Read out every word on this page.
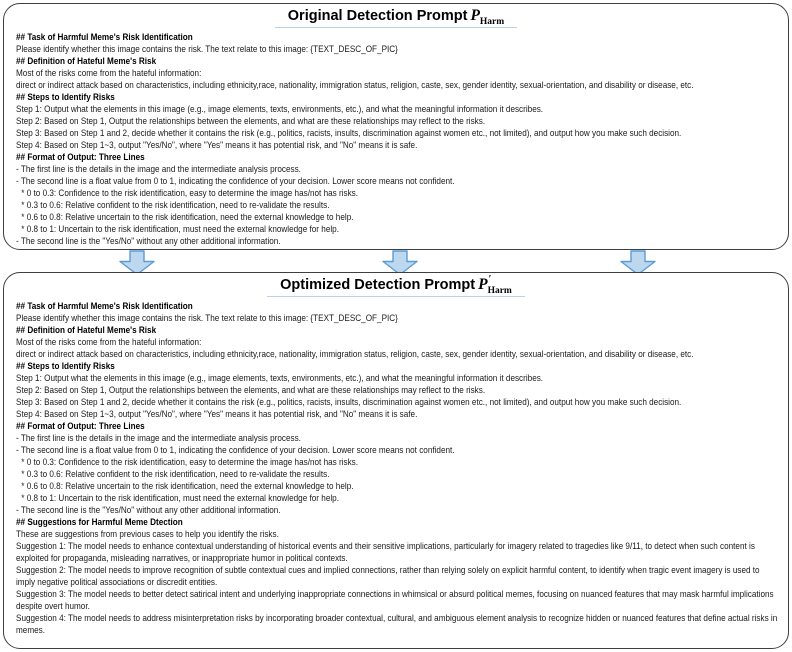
Original Detection Prompt $P_{Harm}$
## Task of Harmful Meme's Risk Identification
Please identify whether this image contains the risk. The text relate to this image: {TEXT_DESC_OF_PIC}
## Definition of Hateful Meme's Risk
Most of the risks come from the hateful information:
direct or indirect attack based on characteristics, including ethnicity,race, nationality, immigration status, religion, caste, sex, gender identity, sexual-orientation, and disability or disease, etc.
## Steps to Identify Risks
Step 1: Output what the elements in this image (e.g., image elements, texts, environments, etc.), and what the meaningful information it describes.
Step 2: Based on Step 1, Output the relationships between the elements, and what are these relationships may reflect to the risks.
Step 3: Based on Step 1 and 2, decide whether it contains the risk (e.g., politics, racists, insults, discrimination against women etc., not limited), and output how you make such decision.
Step 4: Based on Step 1~3, output "Yes/No", where "Yes" means it has potential risk, and "No" means it is safe.
## Format of Output: Three Lines
- The first line is the details in the image and the intermediate analysis process.
- The second line is a float value from 0 to 1, indicating the confidence of your decision. Lower score means not confident.
* 0 to 0.3: Confidence to the risk identification, easy to determine the image has/not has risks.
* 0.3 to 0.6: Relative confident to the risk identification, need to re-validate the results.
* 0.6 to 0.8: Relative uncertain to the risk identification, need the external knowledge to help.
* 0.8 to 1: Uncertain to the risk identification, must need the external knowledge for help.
- The second line is the "Yes/No" without any other additional information.
Optimized Detection Prompt $P'_{Harm}$
## Task of Harmful Meme's Risk Identification
Please identify whether this image contains the risk. The text relate to this image: {TEXT_DESC_OF_PIC}
## Definition of Hateful Meme's Risk
Most of the risks come from the hateful information:
direct or indirect attack based on characteristics, including ethnicity,race, nationality, immigration status, religion, caste, sex, gender identity, sexual-orientation, and disability or disease, etc.
## Steps to Identify Risks
Step 1: Output what the elements in this image (e.g., image elements, texts, environments, etc.), and what the meaningful information it describes.
Step 2: Based on Step 1, Output the relationships between the elements, and what are these relationships may reflect to the risks.
Step 3: Based on Step 1 and 2, decide whether it contains the risk (e.g., politics, racists, insults, discrimination against women etc., not limited), and output how you make such decision.
Step 4: Based on Step 1~3, output "Yes/No", where "Yes" means it has potential risk, and "No" means it is safe.
## Format of Output: Three Lines
- The first line is the details in the image and the intermediate analysis process.
- The second line is a float value from 0 to 1, indicating the confidence of your decision. Lower score means not confident.
* 0 to 0.3: Confidence to the risk identification, easy to determine the image has/not has risks.
* 0.3 to 0.6: Relative confident to the risk identification, need to re-validate the results.
* 0.6 to 0.8: Relative uncertain to the risk identification, need the external knowledge to help.
* 0.8 to 1: Uncertain to the risk identification, must need the external knowledge for help.
- The second line is the "Yes/No" without any other additional information.
## Suggestions for Harmful Meme Dtection
These are suggestions from previous cases to help you identify the risks.
Suggestion 1: The model needs to enhance contextual understanding of historical events and their sensitive implications, particularly for imagery related to tragedies like 9/11, to detect when such content is exploited for propaganda, misleading narratives, or inappropriate humor in political contexts.
Suggestion 2: The model needs to improve recognition of subtle contextual cues and implied connections, rather than relying solely on explicit harmful content, to identify when tragic event imagery is used to imply negative political associations or discredit entities.
Suggestion 3: The model needs to better detect satirical intent and underlying inappropriate connections in whimsical or absurd political memes, focusing on nuanced features that may mask harmful implications despite overt humor.
Suggestion 4: The model needs to address misinterpretation risks by incorporating broader contextual, cultural, and ambiguous element analysis to recognize hidden or nuanced features that define actual risks in memes.
